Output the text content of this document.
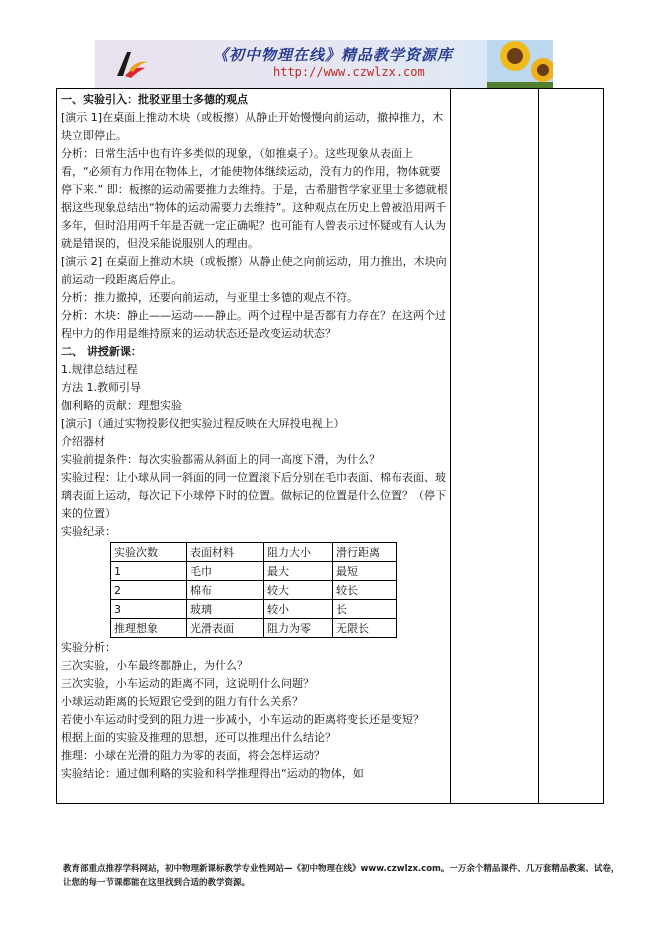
《初中物理在线》精品教学资源库
http://www.czwlzx.com

一、实验引入：批驳亚里士多德的观点

[演示 1]在桌面上推动木块（或板擦）从静止开始慢慢向前运动，撤掉推力，木块立即停止。

分析：日常生活中也有许多类似的现象，（如推桌子）。这些现象从表面上看，“必须有力作用在物体上，才能使物体继续运动，没有力的作用，物体就要停下来.” 即：板擦的运动需要推力去维持。于是，古希腊哲学家亚里士多德就根据这些现象总结出“物体的运动需要力去维持”。这种观点在历史上曾被沿用两千多年，但时沿用两千年是否就一定正确呢？也可能有人曾表示过怀疑或有人认为就是错误的，但没采能说服别人的理由。

[演示 2] 在桌面上推动木块（或板擦）从静止使之向前运动，用力推出，木块向前运动一段距离后停止。

分析：推力撤掉，还要向前运动，与亚里士多德的观点不符。

分析：木块：静止——运动——静止。两个过程中是否都有力存在？在这两个过程中力的作用是维持原来的运动状态还是改变运动状态？

二、 讲授新课：

1.规律总结过程

方法 1.教师引导

伽利略的贡献：理想实验

[演示]（通过实物投影仪把实验过程反映在大屏投电视上）

介绍器材

实验前提条件：每次实验都需从斜面上的同一高度下滑，为什么？

实验过程：让小球从同一斜面的同一位置滚下后分别在毛巾表面、棉布表面、玻璃表面上运动，每次记下小球停下时的位置。做标记的位置是什么位置？（停下来的位置）

实验纪录：

实验次数	表面材料	阻力大小	滑行距离
1	毛巾	最大	最短
2	棉布	较大	较长
3	玻璃	较小	长
推理想象	光滑表面	阻力为零	无限长

实验分析：

三次实验，小车最终都静止，为什么？

三次实验，小车运动的距离不同，这说明什么问题？

小球运动距离的长短跟它受到的阻力有什么关系？

若使小车运动时受到的阻力进一步减小，小车运动的距离将变长还是变短？

根据上面的实验及推理的思想，还可以推理出什么结论？

推理：小球在光滑的阻力为零的表面，将会怎样运动？

实验结论：通过伽利略的实验和科学推理得出“运动的物体，如

教育部重点推荐学科网站，初中物理新课标教学专业性网站—《初中物理在线》www.czwlzx.com。一万余个精品课件、几万套精品教案、试卷，让您的每一节课都能在这里找到合适的教学资源。
